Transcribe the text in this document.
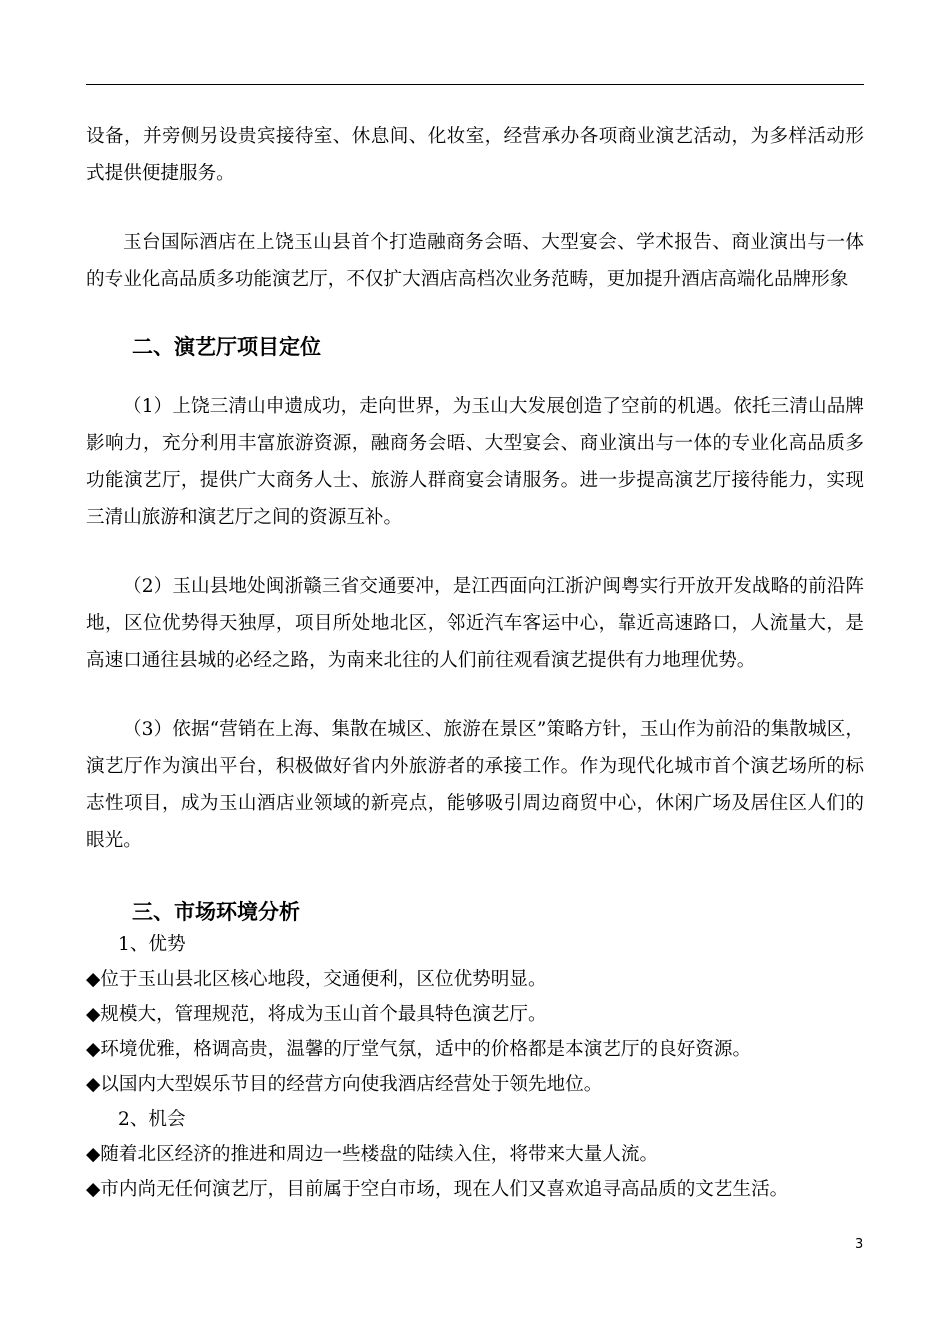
设备，并旁侧另设贵宾接待室、休息间、化妆室，经营承办各项商业演艺活动，为多样活动形式提供便捷服务。

玉台国际酒店在上饶玉山县首个打造融商务会晤、大型宴会、学术报告、商业演出与一体的专业化高品质多功能演艺厅，不仅扩大酒店高档次业务范畴，更加提升酒店高端化品牌形象

二、演艺厅项目定位

（1）上饶三清山申遗成功，走向世界，为玉山大发展创造了空前的机遇。依托三清山品牌影响力，充分利用丰富旅游资源，融商务会晤、大型宴会、商业演出与一体的专业化高品质多功能演艺厅，提供广大商务人士、旅游人群商宴会请服务。进一步提高演艺厅接待能力，实现三清山旅游和演艺厅之间的资源互补。

（2）玉山县地处闽浙赣三省交通要冲，是江西面向江浙沪闽粤实行开放开发战略的前沿阵地，区位优势得天独厚，项目所处地北区，邻近汽车客运中心，靠近高速路口，人流量大，是高速口通往县城的必经之路，为南来北往的人们前往观看演艺提供有力地理优势。

（3）依据“营销在上海、集散在城区、旅游在景区”策略方针，玉山作为前沿的集散城区，演艺厅作为演出平台，积极做好省内外旅游者的承接工作。作为现代化城市首个演艺场所的标志性项目，成为玉山酒店业领域的新亮点，能够吸引周边商贸中心，休闲广场及居住区人们的眼光。

三、市场环境分析

1、优势

◆位于玉山县北区核心地段，交通便利，区位优势明显。

◆规模大，管理规范，将成为玉山首个最具特色演艺厅。

◆环境优雅，格调高贵，温馨的厅堂气氛，适中的价格都是本演艺厅的良好资源。

◆以国内大型娱乐节目的经营方向使我酒店经营处于领先地位。

2、机会

◆随着北区经济的推进和周边一些楼盘的陆续入住，将带来大量人流。

◆市内尚无任何演艺厅，目前属于空白市场，现在人们又喜欢追寻高品质的文艺生活。

3
